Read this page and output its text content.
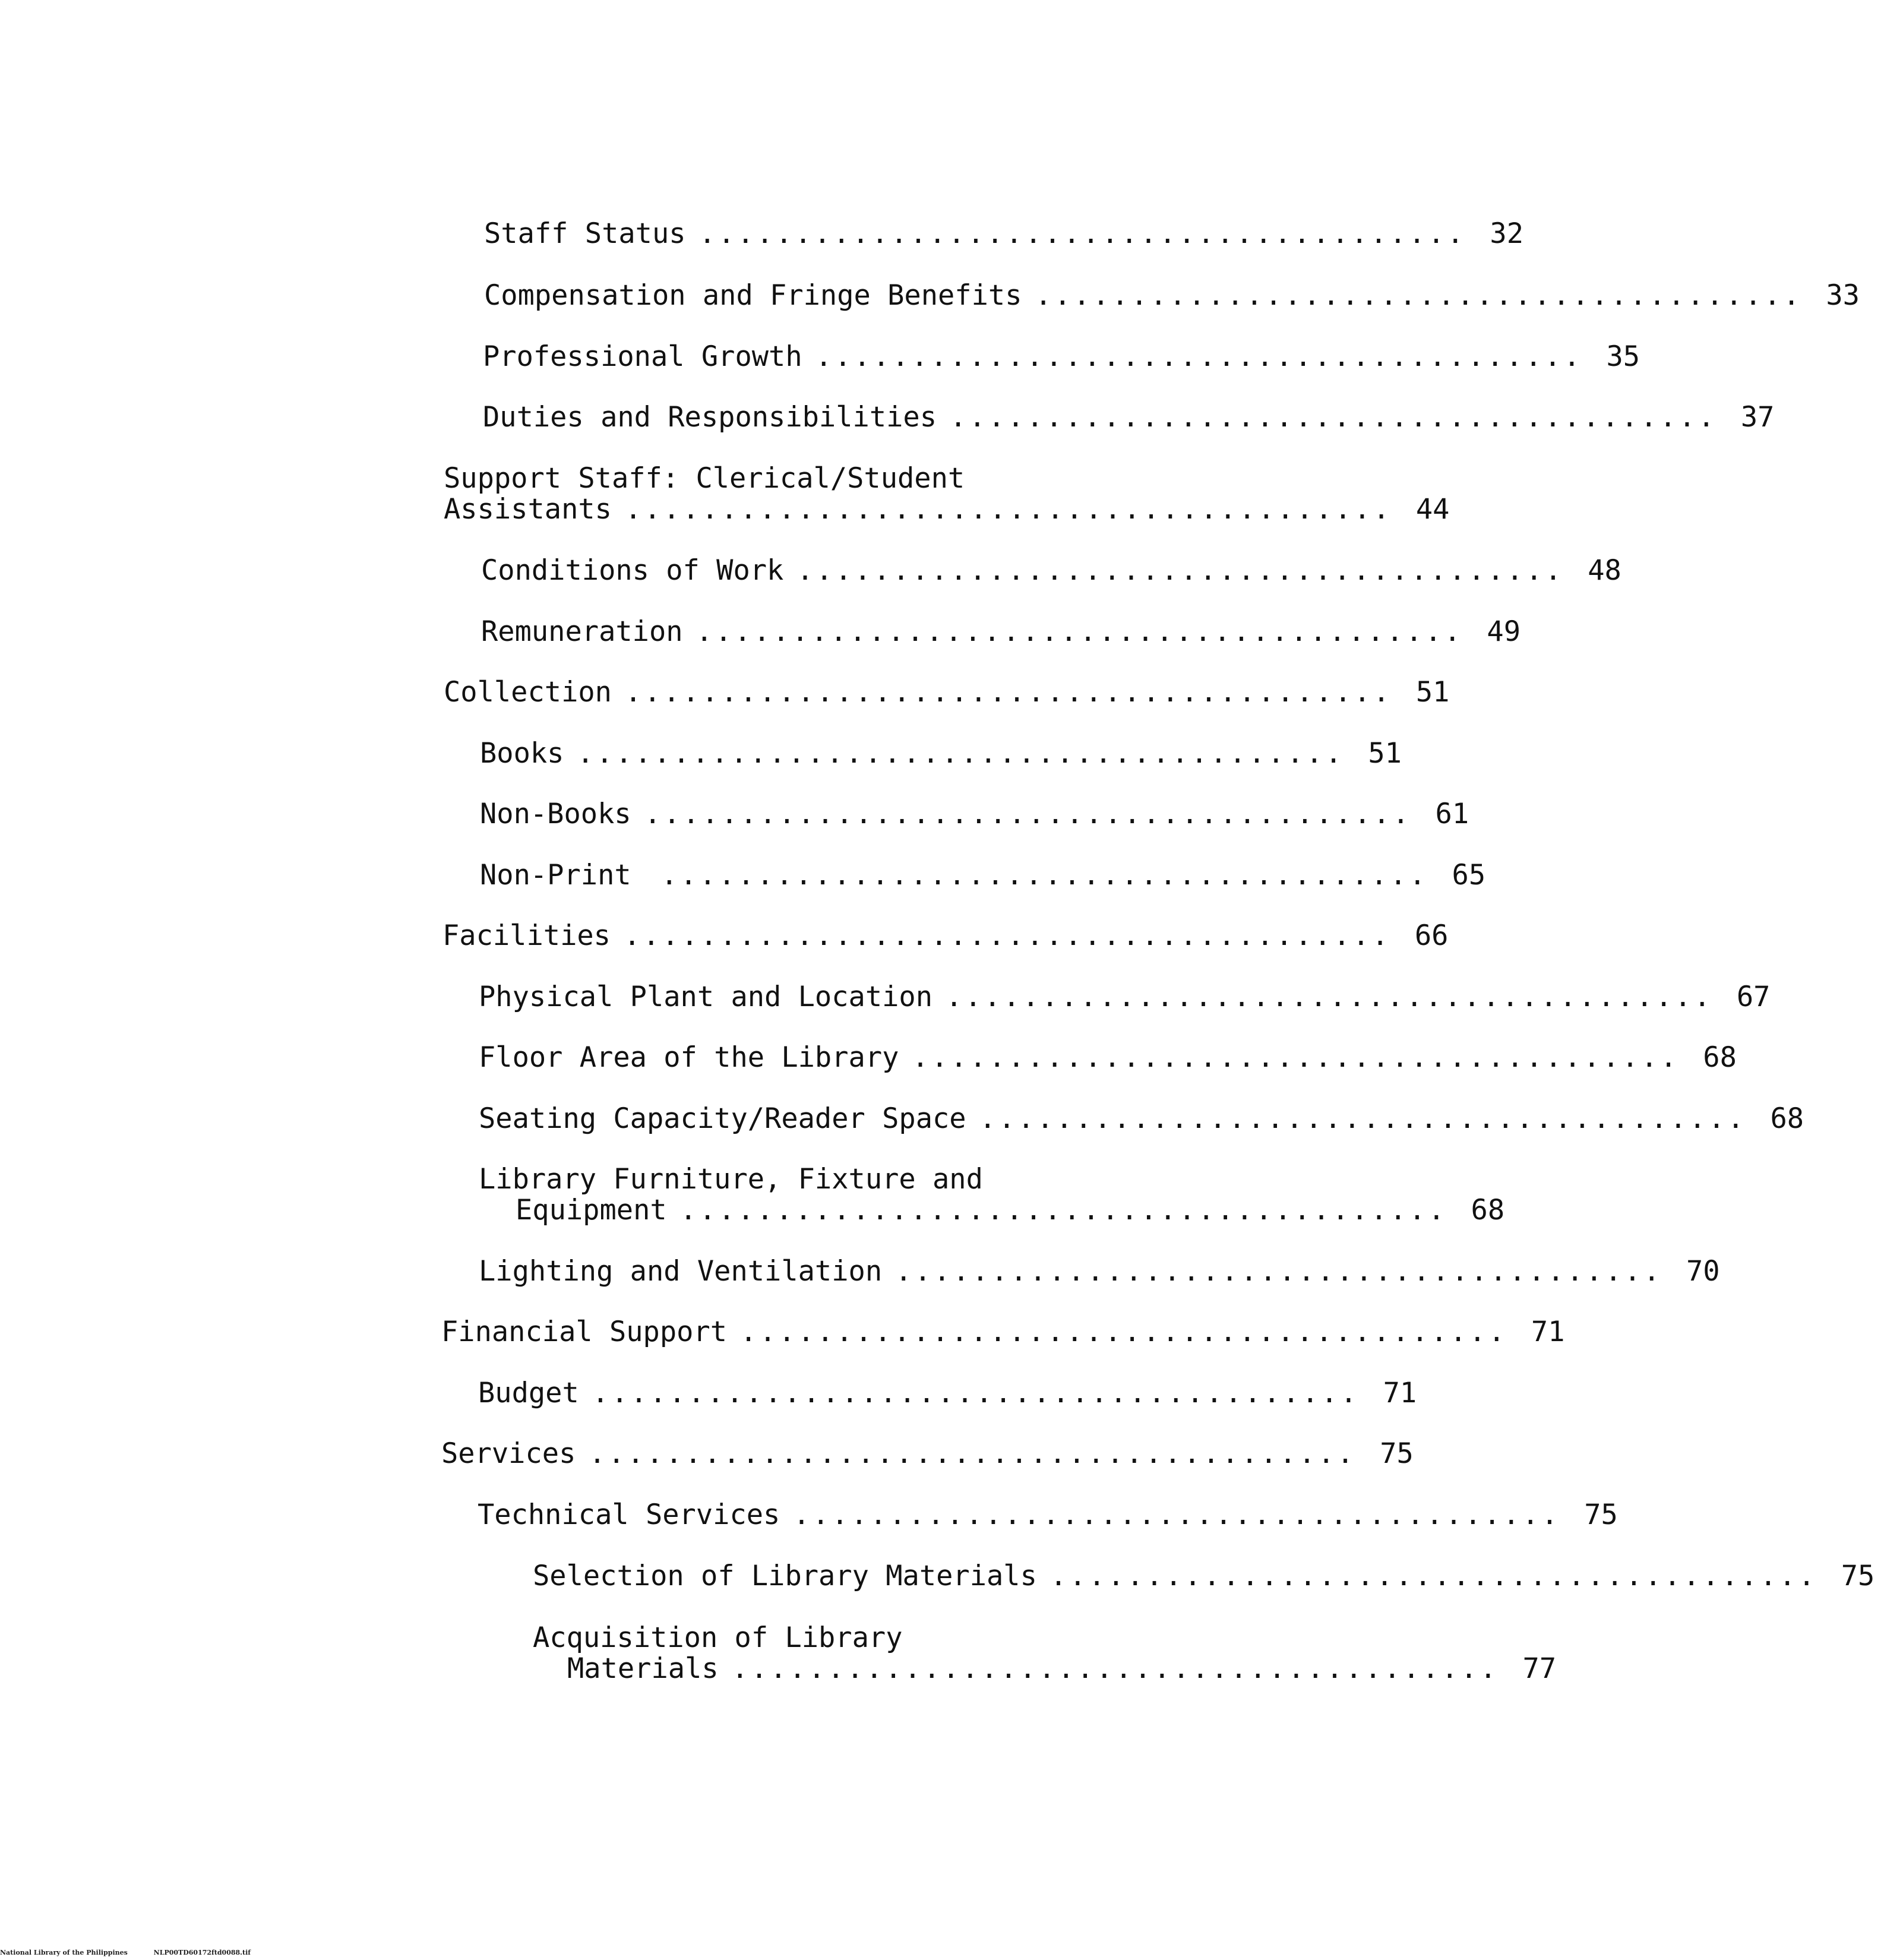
Staff Status ........................................ 32
Compensation and Fringe Benefits ........................................ 33
Professional Growth ........................................ 35
Duties and Responsibilities ........................................ 37
Support Staff: Clerical/Student
Assistants ........................................ 44
Conditions of Work ........................................ 48
Remuneration ........................................ 49
Collection ........................................ 51
Books ........................................ 51
Non-Books ........................................ 61
Non-Print ........................................ 65
Facilities ........................................ 66
Physical Plant and Location ........................................ 67
Floor Area of the Library ........................................ 68
Seating Capacity/Reader Space ........................................ 68
Library Furniture, Fixture and
Equipment ........................................ 68
Lighting and Ventilation ........................................ 70
Financial Support ........................................ 71
Budget ........................................ 71
Services ........................................ 75
Technical Services ........................................ 75
Selection of Library Materials ........................................ 75
Acquisition of Library
Materials ........................................ 77
National Library of the Philippines	NLP00TD60172ftd0088.tif
